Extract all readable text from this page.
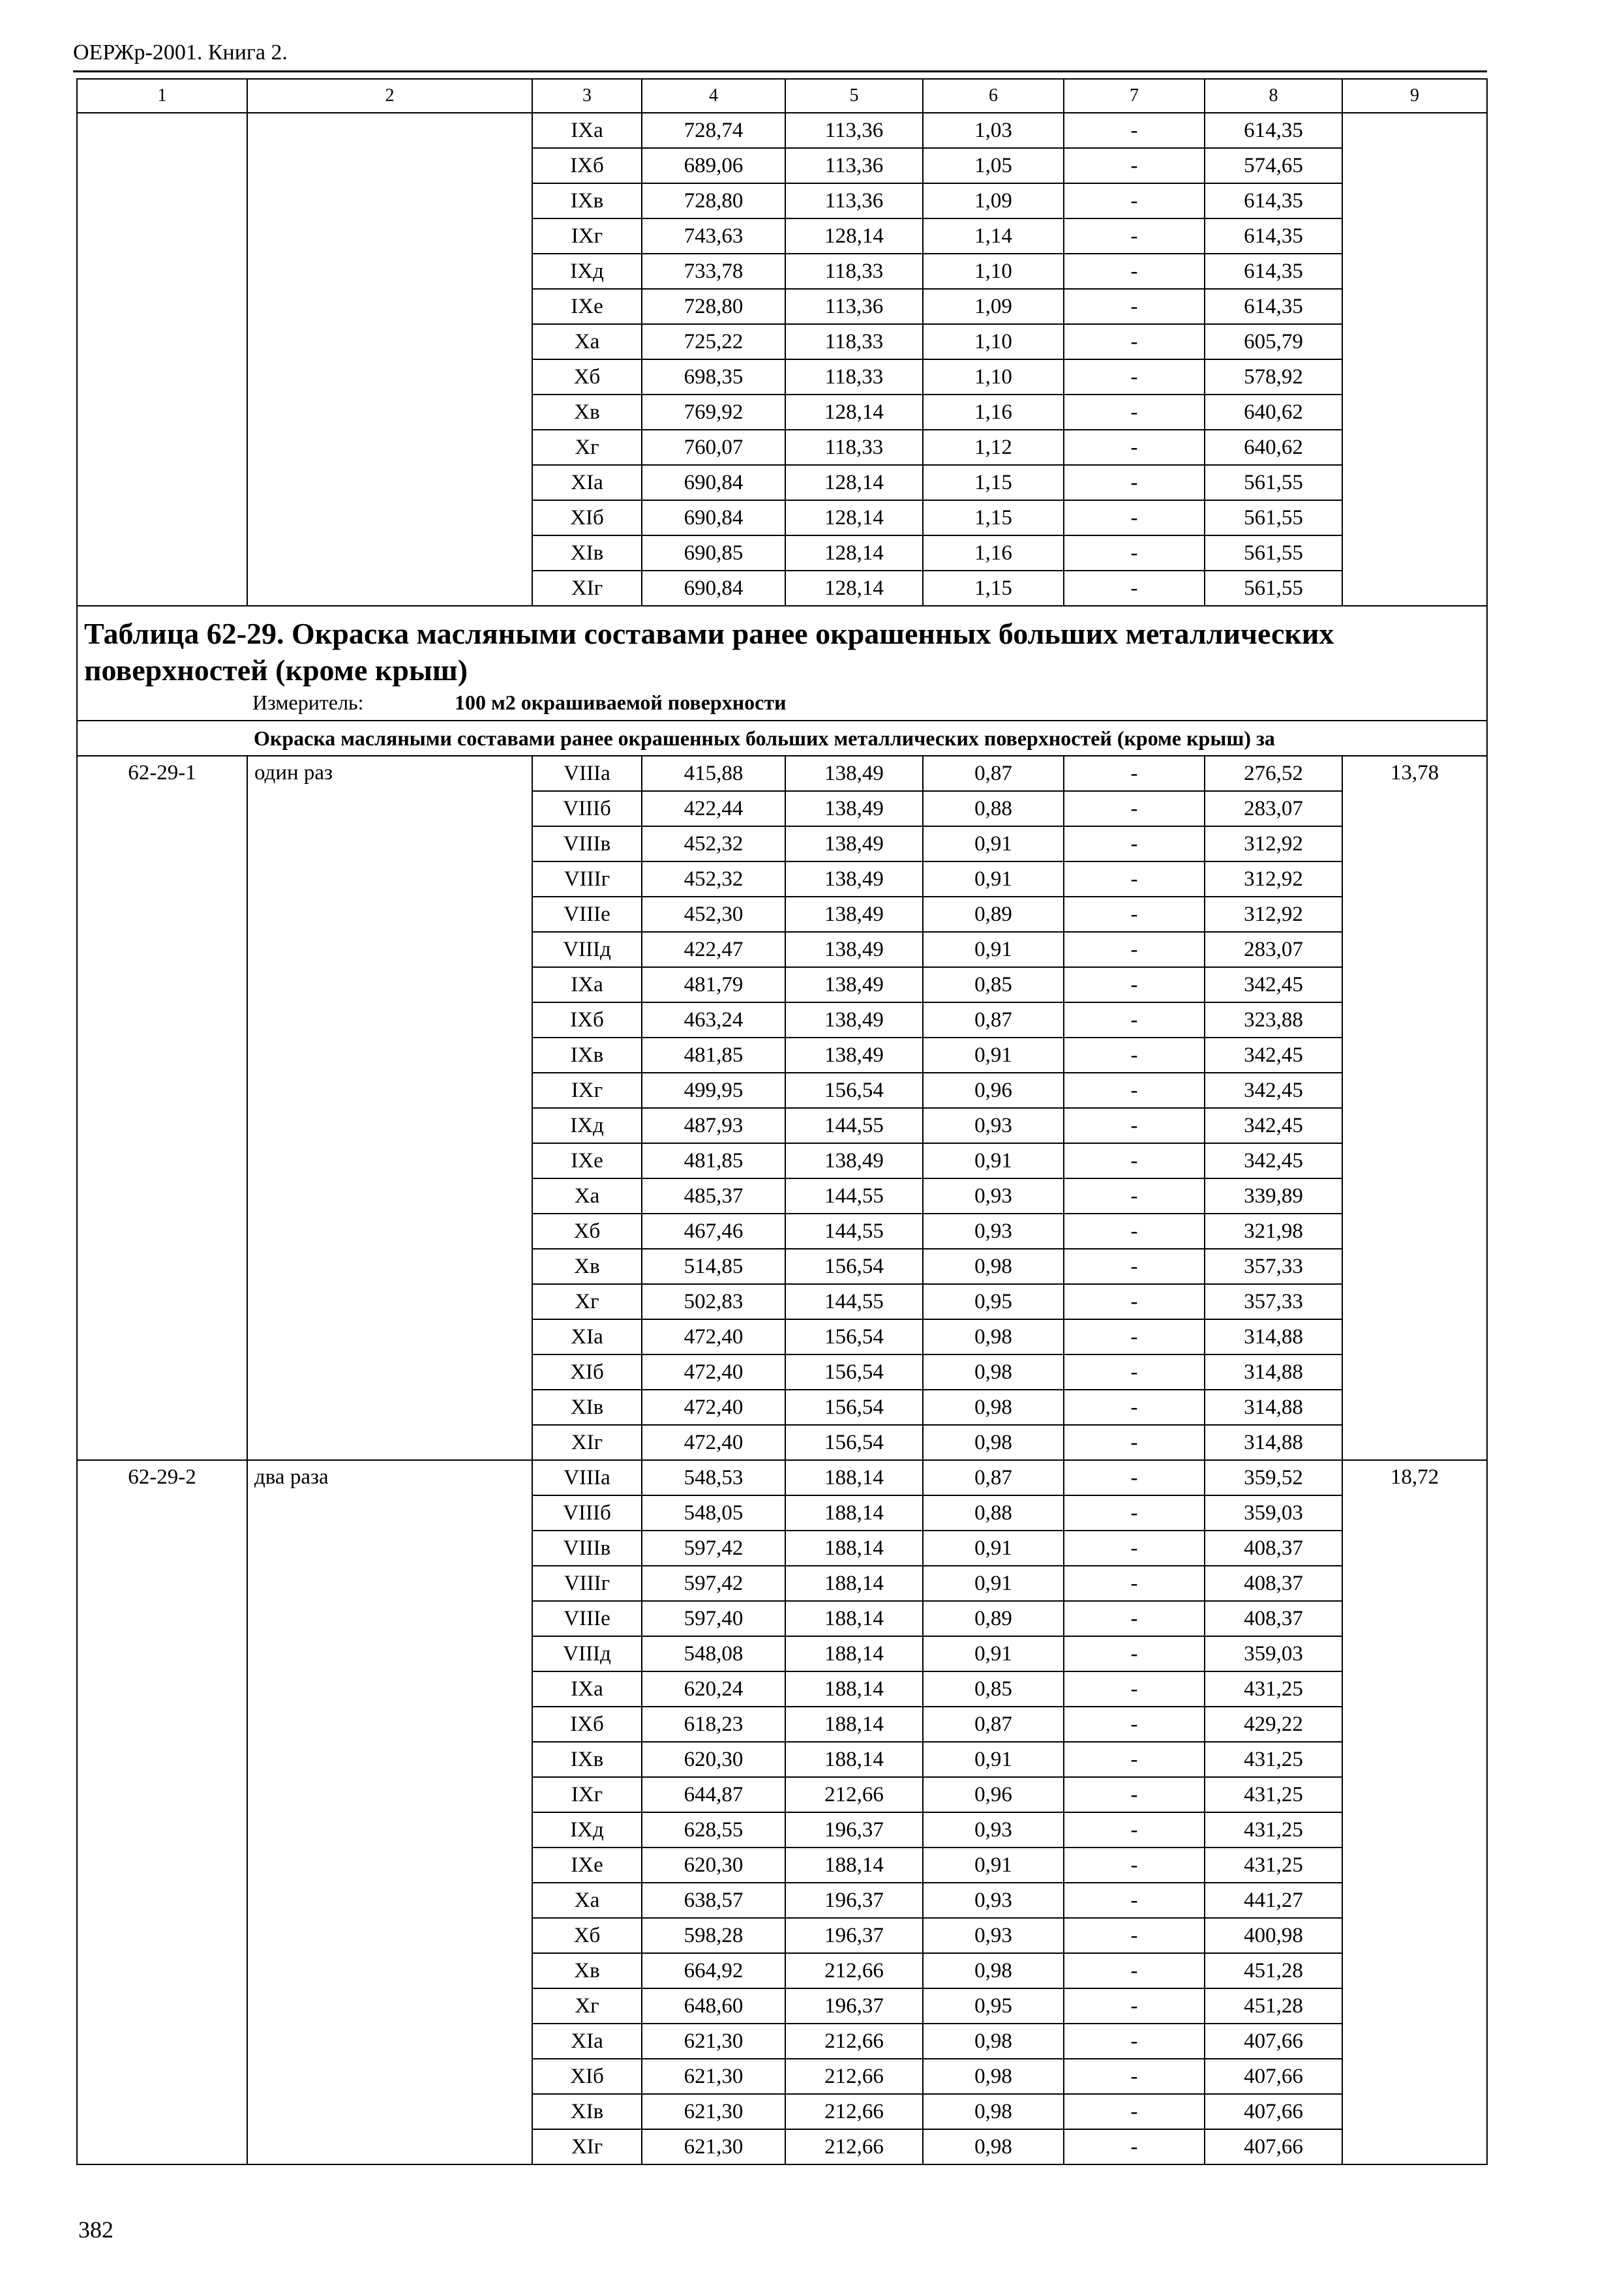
ОЕРЖр-2001. Книга 2.
1	2	3	4	5	6	7	8	9
		IXа	728,74	113,36	1,03	-	614,35	
		IXб	689,06	113,36	1,05	-	574,65	
		IXв	728,80	113,36	1,09	-	614,35	
		IXг	743,63	128,14	1,14	-	614,35	
		IXд	733,78	118,33	1,10	-	614,35	
		IXе	728,80	113,36	1,09	-	614,35	
		Xа	725,22	118,33	1,10	-	605,79	
		Xб	698,35	118,33	1,10	-	578,92	
		Xв	769,92	128,14	1,16	-	640,62	
		Xг	760,07	118,33	1,12	-	640,62	
		XIа	690,84	128,14	1,15	-	561,55	
		XIб	690,84	128,14	1,15	-	561,55	
		XIв	690,85	128,14	1,16	-	561,55	
		XIг	690,84	128,14	1,15	-	561,55	

Таблица 62-29. Окраска масляными составами ранее окрашенных больших металлических поверхностей (кроме крыш)
Измеритель: 100 м2 окрашиваемой поверхности								

Окраска масляными составами ранее окрашенных больших металлических поверхностей (кроме крыш) за								
62-29-1	один раз	VIIIа	415,88	138,49	0,87	-	276,52	13,78
		VIIIб	422,44	138,49	0,88	-	283,07	
		VIIIв	452,32	138,49	0,91	-	312,92	
		VIIIг	452,32	138,49	0,91	-	312,92	
		VIIIе	452,30	138,49	0,89	-	312,92	
		VIIIд	422,47	138,49	0,91	-	283,07	
		IXа	481,79	138,49	0,85	-	342,45	
		IXб	463,24	138,49	0,87	-	323,88	
		IXв	481,85	138,49	0,91	-	342,45	
		IXг	499,95	156,54	0,96	-	342,45	
		IXд	487,93	144,55	0,93	-	342,45	
		IXе	481,85	138,49	0,91	-	342,45	
		Xа	485,37	144,55	0,93	-	339,89	
		Xб	467,46	144,55	0,93	-	321,98	
		Xв	514,85	156,54	0,98	-	357,33	
		Xг	502,83	144,55	0,95	-	357,33	
		XIа	472,40	156,54	0,98	-	314,88	
		XIб	472,40	156,54	0,98	-	314,88	
		XIв	472,40	156,54	0,98	-	314,88	
		XIг	472,40	156,54	0,98	-	314,88	
62-29-2	два раза	VIIIа	548,53	188,14	0,87	-	359,52	18,72
		VIIIб	548,05	188,14	0,88	-	359,03	
		VIIIв	597,42	188,14	0,91	-	408,37	
		VIIIг	597,42	188,14	0,91	-	408,37	
		VIIIе	597,40	188,14	0,89	-	408,37	
		VIIIд	548,08	188,14	0,91	-	359,03	
		IXа	620,24	188,14	0,85	-	431,25	
		IXб	618,23	188,14	0,87	-	429,22	
		IXв	620,30	188,14	0,91	-	431,25	
		IXг	644,87	212,66	0,96	-	431,25	
		IXд	628,55	196,37	0,93	-	431,25	
		IXе	620,30	188,14	0,91	-	431,25	
		Xа	638,57	196,37	0,93	-	441,27	
		Xб	598,28	196,37	0,93	-	400,98	
		Xв	664,92	212,66	0,98	-	451,28	
		Xг	648,60	196,37	0,95	-	451,28	
		XIа	621,30	212,66	0,98	-	407,66	
		XIб	621,30	212,66	0,98	-	407,66	
		XIв	621,30	212,66	0,98	-	407,66	
		XIг	621,30	212,66	0,98	-	407,66	
382
